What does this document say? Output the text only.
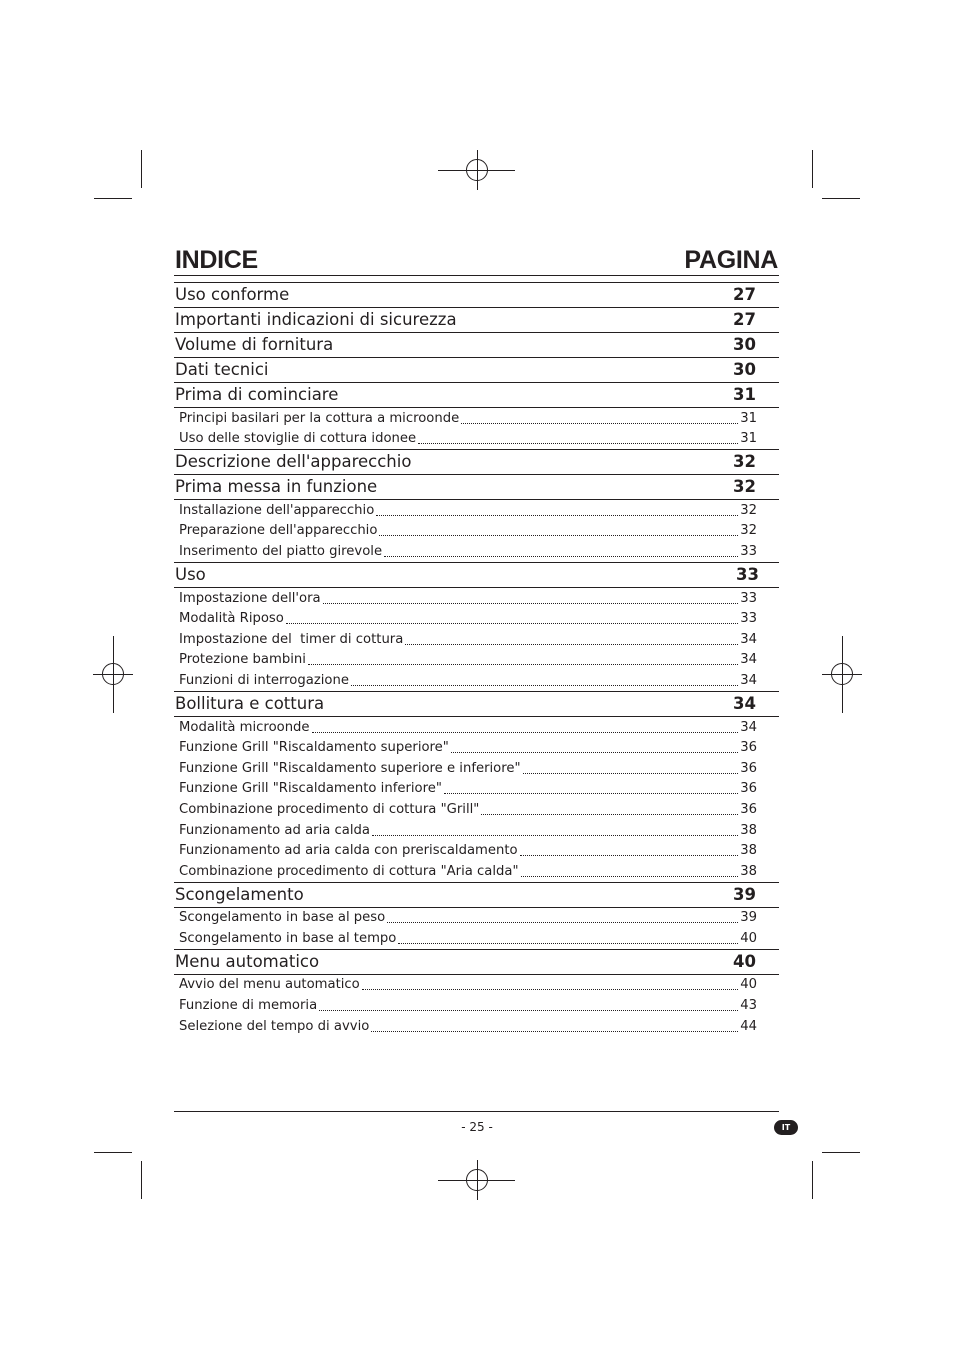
INDICE	PAGINA
Uso conforme	27
Importanti indicazioni di sicurezza	27
Volume di fornitura	30
Dati tecnici	30
Prima di cominciare	31
Principi basilari per la cottura a microonde	31
Uso delle stoviglie di cottura idonee	31
Descrizione dell'apparecchio	32
Prima messa in funzione	32
Installazione dell'apparecchio	32
Preparazione dell'apparecchio	32
Inserimento del piatto girevole	33
Uso	33
Impostazione dell'ora	33
Modalità Riposo	33
Impostazione del  timer di cottura	34
Protezione bambini	34
Funzioni di interrogazione	34
Bollitura e cottura	34
Modalità microonde	34
Funzione Grill "Riscaldamento superiore"	36
Funzione Grill "Riscaldamento superiore e inferiore"	36
Funzione Grill "Riscaldamento inferiore"	36
Combinazione procedimento di cottura "Grill"	36
Funzionamento ad aria calda	38
Funzionamento ad aria calda con preriscaldamento	38
Combinazione procedimento di cottura "Aria calda"	38
Scongelamento	39
Scongelamento in base al peso	39
Scongelamento in base al tempo	40
Menu automatico	40
Avvio del menu automatico	40
Funzione di memoria	43
Selezione del tempo di avvio	44
- 25 -	IT
